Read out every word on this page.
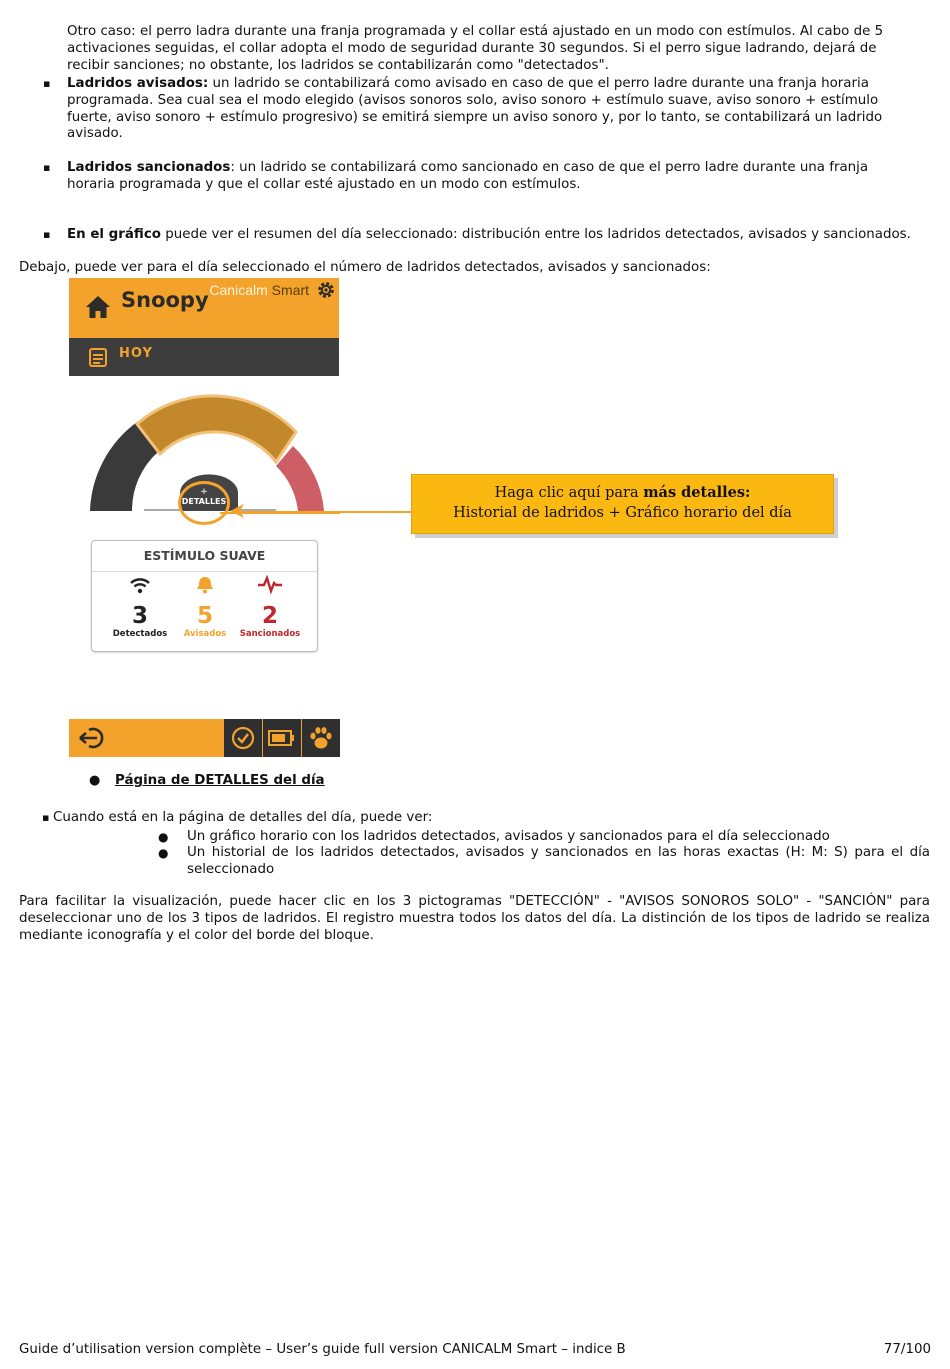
Otro caso: el perro ladra durante una franja programada y el collar está ajustado en un modo con estímulos. Al cabo de 5 activaciones seguidas, el collar adopta el modo de seguridad durante 30 segundos. Si el perro sigue ladrando, dejará de recibir sanciones; no obstante, los ladridos se contabilizarán como "detectados".

▪ Ladridos avisados: un ladrido se contabilizará como avisado en caso de que el perro ladre durante una franja horaria programada. Sea cual sea el modo elegido (avisos sonoros solo, aviso sonoro + estímulo suave, aviso sonoro + estímulo fuerte, aviso sonoro + estímulo progresivo) se emitirá siempre un aviso sonoro y, por lo tanto, se contabilizará un ladrido avisado.

▪ Ladridos sancionados: un ladrido se contabilizará como sancionado en caso de que el perro ladre durante una franja horaria programada y que el collar esté ajustado en un modo con estímulos.

▪ En el gráfico puede ver el resumen del día seleccionado: distribución entre los ladridos detectados, avisados y sancionados.

Debajo, puede ver para el día seleccionado el número de ladridos detectados, avisados y sancionados:

Canicalm Smart
Snoopy
HOY
+
DETALLES
Haga clic aquí para más detalles:
Historial de ladridos + Gráfico horario del día
ESTÍMULO SUAVE
3
Detectados
5
Avisados
2
Sancionados
● Página de DETALLES del día

▪ Cuando está en la página de detalles del día, puede ver:

● Un gráfico horario con los ladridos detectados, avisados y sancionados para el día seleccionado

● Un historial de los ladridos detectados, avisados y sancionados en las horas exactas (H: M: S) para el día seleccionado

Para facilitar la visualización, puede hacer clic en los 3 pictogramas "DETECCIÓN" - "AVISOS SONOROS SOLO" - "SANCIÓN" para deseleccionar uno de los 3 tipos de ladridos. El registro muestra todos los datos del día. La distinción de los tipos de ladrido se realiza mediante iconografía y el color del borde del bloque.

Guide d’utilisation version complète – User’s guide full version CANICALM Smart – indice B	77/100
